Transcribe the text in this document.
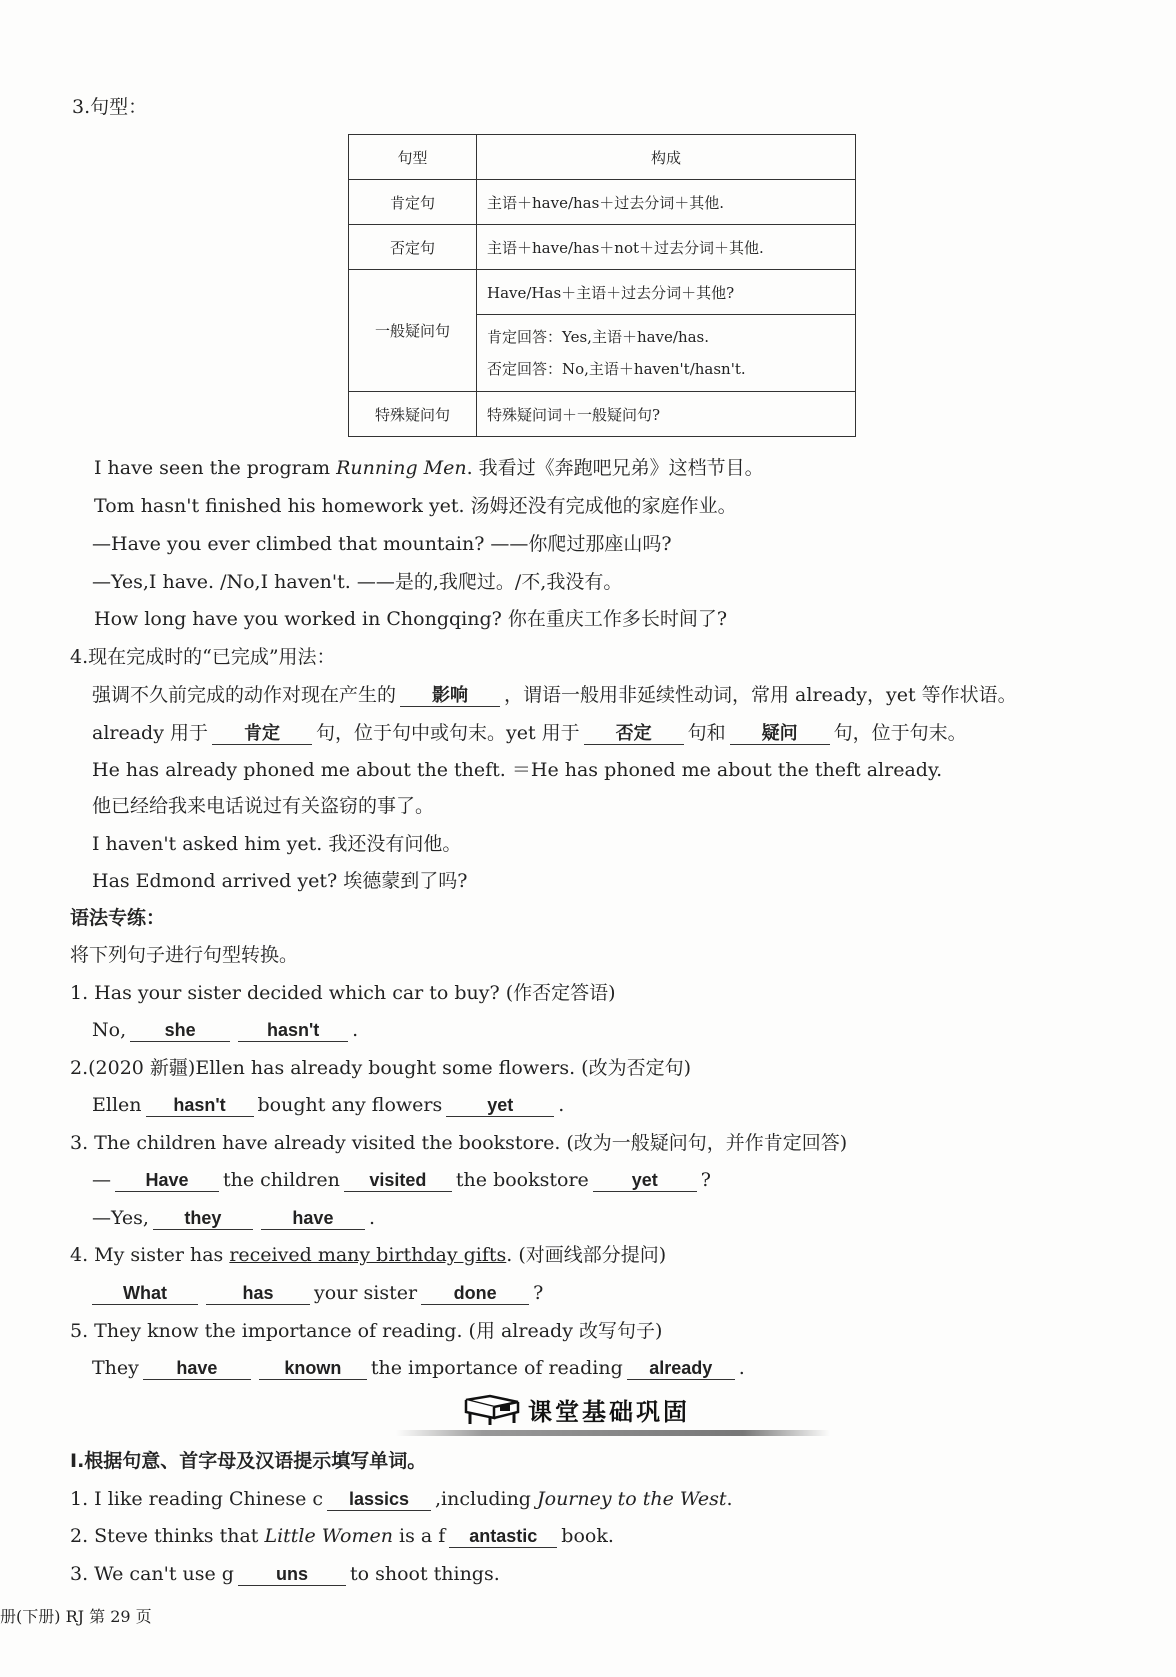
3.句型：
句型	构成
肯定句	主语＋have/has＋过去分词＋其他.
否定句	主语＋have/has＋not＋过去分词＋其他.
一般疑问句	Have/Has＋主语＋过去分词＋其他?

	肯定回答：Yes,主语＋have/has.
否定回答：No,主语＋haven't/hasn't.

特殊疑问句	特殊疑问词＋一般疑问句?
I have seen the program Running Men. 我看过《奔跑吧兄弟》这档节目。
Tom hasn't finished his homework yet. 汤姆还没有完成他的家庭作业。
—Have you ever climbed that mountain? ——你爬过那座山吗?
—Yes,I have. /No,I haven't. ——是的,我爬过。/不,我没有。
How long have you worked in Chongqing? 你在重庆工作多长时间了?
4.现在完成时的“已完成”用法：
强调不久前完成的动作对现在产生的 影响 ，谓语一般用非延续性动词，常用 already，yet 等作状语。
already 用于 肯定 句，位于句中或句末。yet 用于 否定 句和 疑问 句，位于句末。
He has already phoned me about the theft. ＝He has phoned me about the theft already.
他已经给我来电话说过有关盗窃的事了。
I haven't asked him yet. 我还没有问他。
Has Edmond arrived yet? 埃德蒙到了吗?
语法专练：
将下列句子进行句型转换。
1. Has your sister decided which car to buy? (作否定答语)
No, she	hasn't .
2.(2020 新疆)Ellen has already bought some flowers. (改为否定句)
Ellen hasn't bought any flowers yet .
3. The children have already visited the bookstore. (改为一般疑问句，并作肯定回答)
— Have the children visited the bookstore yet ?
—Yes, they	have .
4. My sister has received many birthday gifts. (对画线部分提问)
What	has your sister done ?
5. They know the importance of reading. (用 already 改写句子)
They have	known the importance of reading already .
课堂基础巩固
Ⅰ.根据句意、首字母及汉语提示填写单词。
1. I like reading Chinese c lassics ,including Journey to the West.
2. Steve thinks that Little Women is a f antastic book.
3. We can't use g uns to shoot things.
册(下册) RJ 第 29 页
